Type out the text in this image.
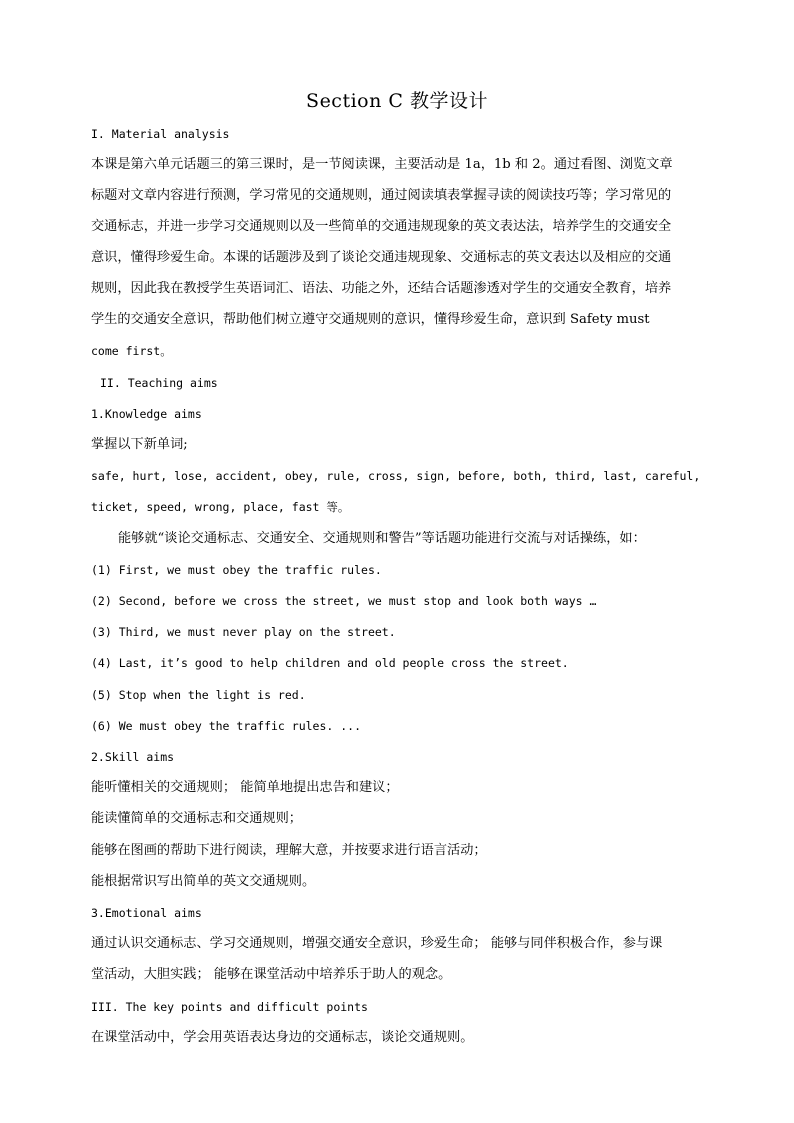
Section C 教学设计
I. Material analysis
本课是第六单元话题三的第三课时，是一节阅读课，主要活动是 1a，1b 和 2。通过看图、浏览文章
标题对文章内容进行预测，学习常见的交通规则，通过阅读填表掌握寻读的阅读技巧等；学习常见的
交通标志，并进一步学习交通规则以及一些简单的交通违规现象的英文表达法，培养学生的交通安全
意识，懂得珍爱生命。本课的话题涉及到了谈论交通违规现象、交通标志的英文表达以及相应的交通
规则，因此我在教授学生英语词汇、语法、功能之外，还结合话题渗透对学生的交通安全教育，培养
学生的交通安全意识，帮助他们树立遵守交通规则的意识，懂得珍爱生命，意识到 Safety must
come first。
II. Teaching aims
1.Knowledge aims
掌握以下新单词;
safe, hurt, lose, accident, obey, rule, cross, sign, before, both, third, last, careful,
ticket, speed, wrong, place, fast 等。
能够就“谈论交通标志、交通安全、交通规则和警告”等话题功能进行交流与对话操练，如：
(1) First, we must obey the traffic rules.
(2) Second, before we cross the street, we must stop and look both ways …
(3) Third, we must never play on the street.
(4) Last, it’s good to help children and old people cross the street.
(5) Stop when the light is red.
(6) We must obey the traffic rules. ...
2.Skill aims
能听懂相关的交通规则； 能简单地提出忠告和建议；
能读懂简单的交通标志和交通规则；
能够在图画的帮助下进行阅读，理解大意，并按要求进行语言活动；
能根据常识写出简单的英文交通规则。
3.Emotional aims
通过认识交通标志、学习交通规则，增强交通安全意识，珍爱生命； 能够与同伴积极合作，参与课
堂活动，大胆实践； 能够在课堂活动中培养乐于助人的观念。
III. The key points and difficult points
在课堂活动中，学会用英语表达身边的交通标志，谈论交通规则。
